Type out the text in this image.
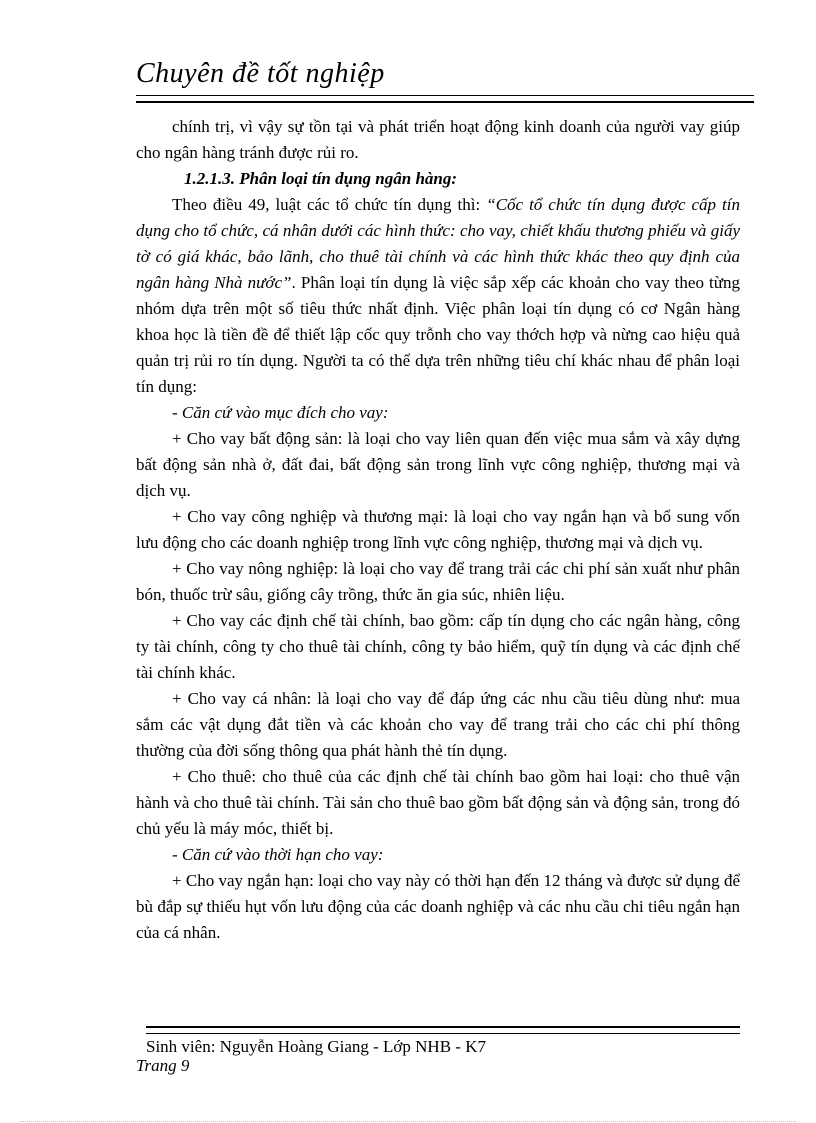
Chuyên đề tốt nghiệp

chính trị, vì vậy sự tồn tại và phát triển hoạt động kinh doanh của người vay giúp cho ngân hàng tránh được rủi ro.

1.2.1.3. Phân loại tín dụng ngân hàng:

Theo điều 49, luật các tổ chức tín dụng thì: “Cốc tổ chức tín dụng được cấp tín dụng cho tổ chức, cá nhân dưới các hình thức: cho vay, chiết khấu thương phiếu và giấy tờ có giá khác, bảo lãnh, cho thuê tài chính và các hình thức khác theo quy định của ngân hàng Nhà nước”. Phân loại tín dụng là việc sắp xếp các khoản cho vay theo từng nhóm dựa trên một số tiêu thức nhất định. Việc phân loại tín dụng có cơ Ngân hàng khoa học là tiền đề để thiết lập cốc quy trỗnh cho vay thớch hợp và nừng cao hiệu quả quản trị rủi ro tín dụng. Người ta có thể dựa trên những tiêu chí khác nhau để phân loại tín dụng:

- Căn cứ vào mục đích cho vay:

+ Cho vay bất động sản: là loại cho vay liên quan đến việc mua sắm và xây dựng bất động sản nhà ở, đất đai, bất động sản trong lĩnh vực công nghiệp, thương mại và dịch vụ.

+ Cho vay công nghiệp và thương mại: là loại cho vay ngắn hạn và bổ sung vốn lưu động cho các doanh nghiệp trong lĩnh vực công nghiệp, thương mại và dịch vụ.

+ Cho vay nông nghiệp: là loại cho vay để trang trải các chi phí sản xuất như phân bón, thuốc trừ sâu, giống cây trồng, thức ăn gia súc, nhiên liệu.

+ Cho vay các định chế tài chính, bao gồm: cấp tín dụng cho các ngân hàng, công ty tài chính, công ty cho thuê tài chính, công ty bảo hiểm, quỹ tín dụng và các định chế tài chính khác.

+ Cho vay cá nhân: là loại cho vay để đáp ứng các nhu cầu tiêu dùng như: mua sắm các vật dụng đắt tiền và các khoản cho vay để trang trải cho các chi phí thông thường của đời sống thông qua phát hành thẻ tín dụng.

+ Cho thuê: cho thuê của các định chế tài chính bao gồm hai loại: cho thuê vận hành và cho thuê tài chính. Tài sản cho thuê bao gồm bất động sản và động sản, trong đó chủ yếu là máy móc, thiết bị.

- Căn cứ vào thời hạn cho vay:

+ Cho vay ngắn hạn: loại cho vay này có thời hạn đến 12 tháng và được sử dụng để bù đắp sự thiếu hụt vốn lưu động của các doanh nghiệp và các nhu cầu chi tiêu ngắn hạn của cá nhân.

Sinh viên: Nguyễn Hoàng Giang - Lớp NHB - K7
Trang 9
